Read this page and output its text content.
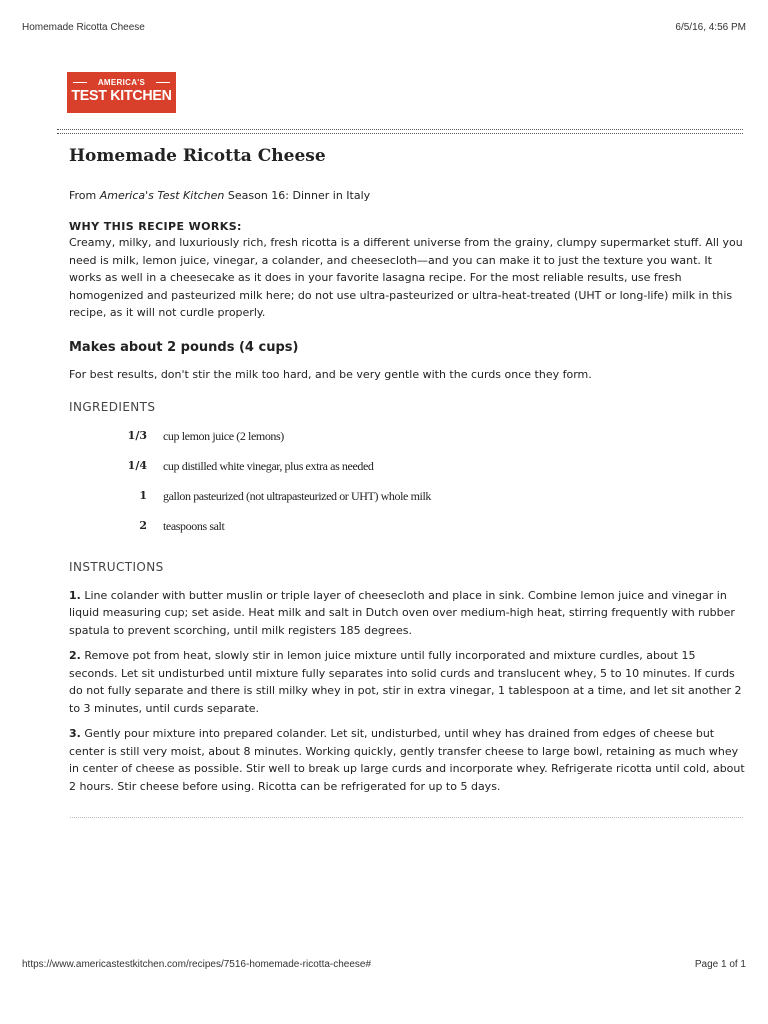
Homemade Ricotta Cheese	6/5/16, 4:56 PM
AMERICA'S
TEST KITCHEN
Homemade Ricotta Cheese
From America's Test Kitchen Season 16: Dinner in Italy
WHY THIS RECIPE WORKS:

Creamy, milky, and luxuriously rich, fresh ricotta is a different universe from the grainy, clumpy supermarket stuff. All you need is milk, lemon juice, vinegar, a colander, and cheesecloth—and you can make it to just the texture you want. It works as well in a cheesecake as it does in your favorite lasagna recipe. For the most reliable results, use fresh homogenized and pasteurized milk here; do not use ultra-pasteurized or ultra-heat-treated (UHT or long-life) milk in this recipe, as it will not curdle properly.

Makes about 2 pounds (4 cups)
For best results, don't stir the milk too hard, and be very gentle with the curds once they form.
INGREDIENTS
1/3 cup lemon juice (2 lemons)
1/4 cup distilled white vinegar, plus extra as needed
1 gallon pasteurized (not ultrapasteurized or UHT) whole milk
2 teaspoons salt
INSTRUCTIONS

1. Line colander with butter muslin or triple layer of cheesecloth and place in sink. Combine lemon juice and vinegar in liquid measuring cup; set aside. Heat milk and salt in Dutch oven over medium-high heat, stirring frequently with rubber spatula to prevent scorching, until milk registers 185 degrees.

2. Remove pot from heat, slowly stir in lemon juice mixture until fully incorporated and mixture curdles, about 15 seconds. Let sit undisturbed until mixture fully separates into solid curds and translucent whey, 5 to 10 minutes. If curds do not fully separate and there is still milky whey in pot, stir in extra vinegar, 1 tablespoon at a time, and let sit another 2 to 3 minutes, until curds separate.

3. Gently pour mixture into prepared colander. Let sit, undisturbed, until whey has drained from edges of cheese but center is still very moist, about 8 minutes. Working quickly, gently transfer cheese to large bowl, retaining as much whey in center of cheese as possible. Stir well to break up large curds and incorporate whey. Refrigerate ricotta until cold, about 2 hours. Stir cheese before using. Ricotta can be refrigerated for up to 5 days.

https://www.americastestkitchen.com/recipes/7516-homemade-ricotta-cheese#	Page 1 of 1
